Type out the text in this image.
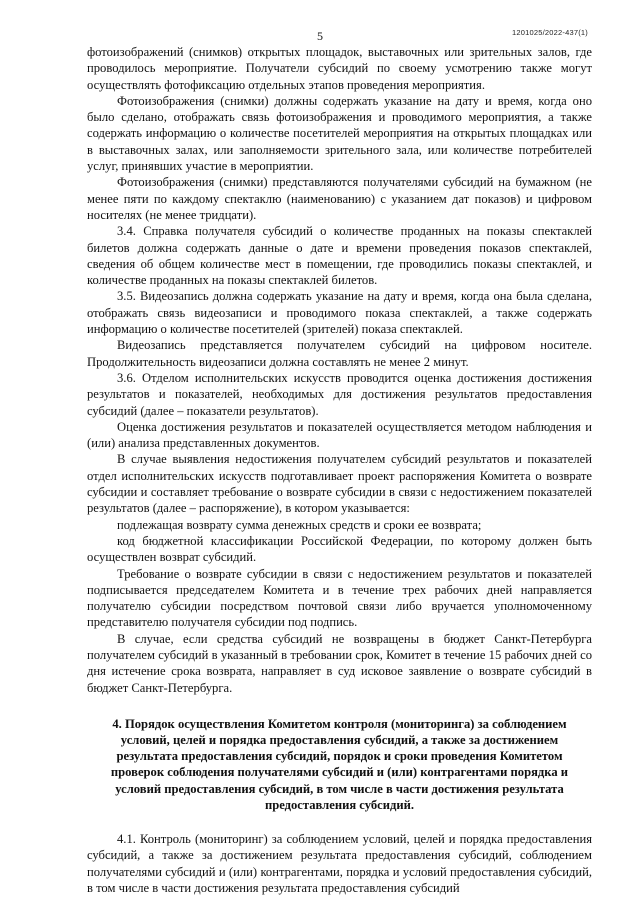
1201025/2022-437(1)
5

фотоизображений (снимков) открытых площадок, выставочных или зрительных залов, где проводилось мероприятие. Получатели субсидий по своему усмотрению также могут осуществлять фотофиксацию отдельных этапов проведения мероприятия.

Фотоизображения (снимки) должны содержать указание на дату и время, когда оно было сделано, отображать связь фотоизображения и проводимого мероприятия, а также содержать информацию о количестве посетителей мероприятия на открытых площадках или в выставочных залах, или заполняемости зрительного зала, или количестве потребителей услуг, принявших участие в мероприятии.

Фотоизображения (снимки) представляются получателями субсидий на бумажном (не менее пяти по каждому спектаклю (наименованию) с указанием дат показов) и цифровом носителях (не менее тридцати).

3.4. Справка получателя субсидий о количестве проданных на показы спектаклей билетов должна содержать данные о дате и времени проведения показов спектаклей, сведения об общем количестве мест в помещении, где проводились показы спектаклей, и количестве проданных на показы спектаклей билетов.

3.5. Видеозапись должна содержать указание на дату и время, когда она была сделана, отображать связь видеозаписи и проводимого показа спектаклей, а также содержать информацию о количестве посетителей (зрителей) показа спектаклей.

Видеозапись представляется получателем субсидий на цифровом носителе. Продолжительность видеозаписи должна составлять не менее 2 минут.

3.6. Отделом исполнительских искусств проводится оценка достижения достижения результатов и показателей, необходимых для достижения результатов предоставления субсидий (далее – показатели результатов).

Оценка достижения результатов и показателей осуществляется методом наблюдения и (или) анализа представленных документов.

В случае выявления недостижения получателем субсидий результатов и показателей отдел исполнительских искусств подготавливает проект распоряжения Комитета о возврате субсидии и составляет требование о возврате субсидии в связи с недостижением показателей результатов (далее – распоряжение), в котором указывается:

подлежащая возврату сумма денежных средств и сроки ее возврата;

код бюджетной классификации Российской Федерации, по которому должен быть осуществлен возврат субсидий.

Требование о возврате субсидии в связи с недостижением результатов и показателей подписывается председателем Комитета и в течение трех рабочих дней направляется получателю субсидии посредством почтовой связи либо вручается уполномоченному представителю получателя субсидии под подпись.

В случае, если средства субсидий не возвращены в бюджет Санкт-Петербурга получателем субсидий в указанный в требовании срок, Комитет в течение 15 рабочих дней со дня истечение срока возврата, направляет в суд исковое заявление о возврате субсидий в бюджет Санкт-Петербурга.

4. Порядок осуществления Комитетом контроля (мониторинга) за соблюдением условий, целей и порядка предоставления субсидий, а также за достижением результата предоставления субсидий, порядок и сроки проведения Комитетом проверок соблюдения получателями субсидий и (или) контрагентами порядка и условий предоставления субсидий, в том числе в части достижения результата предоставления субсидий.

4.1. Контроль (мониторинг) за соблюдением условий, целей и порядка предоставления субсидий, а также за достижением результата предоставления субсидий, соблюдением получателями субсидий и (или) контрагентами, порядка и условий предоставления субсидий, в том числе в части достижения результата предоставления субсидий
